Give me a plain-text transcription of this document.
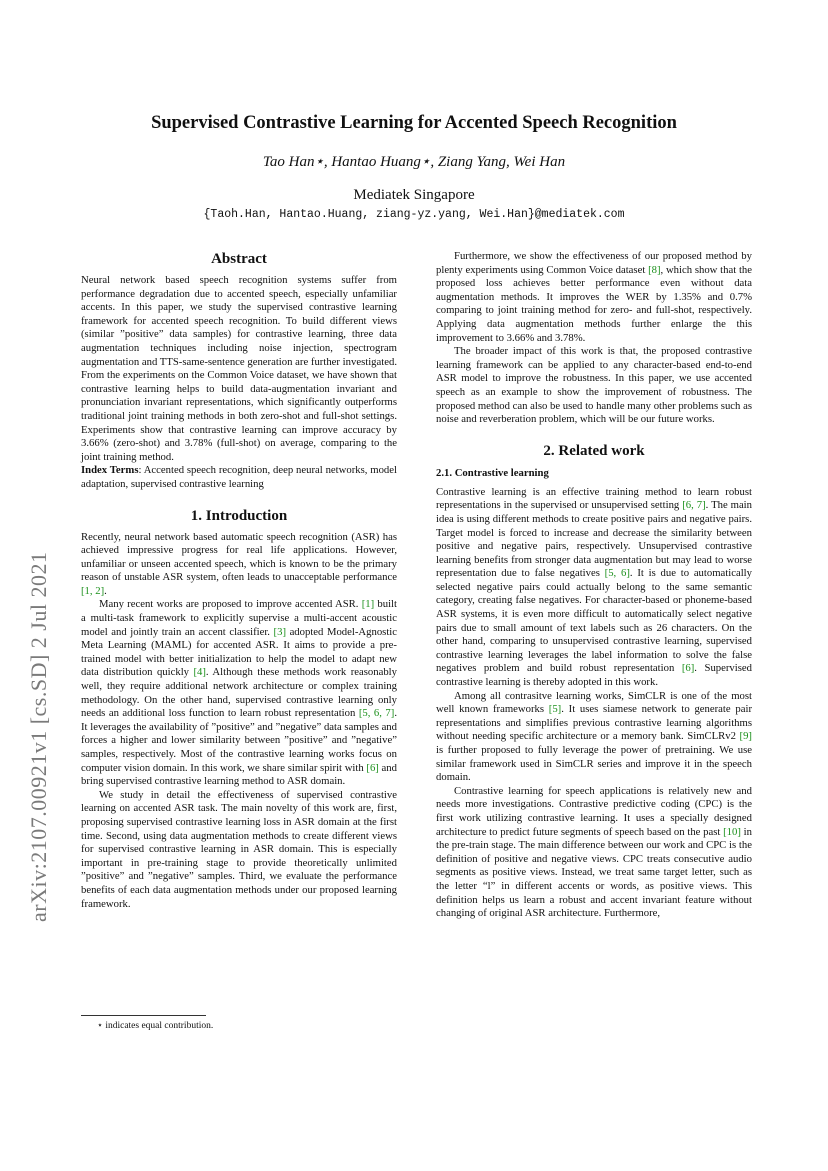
arXiv:2107.00921v1 [cs.SD] 2 Jul 2021
Supervised Contrastive Learning for Accented Speech Recognition
Tao Han⋆, Hantao Huang⋆, Ziang Yang, Wei Han
Mediatek Singapore
{Taoh.Han, Hantao.Huang, ziang-yz.yang, Wei.Han}@mediatek.com
Abstract

Neural network based speech recognition systems suffer from performance degradation due to accented speech, especially unfamiliar accents. In this paper, we study the supervised contrastive learning framework for accented speech recognition. To build different views (similar ”positive” data samples) for contrastive learning, three data augmentation techniques including noise injection, spectrogram augmentation and TTS-same-sentence generation are further investigated. From the experiments on the Common Voice dataset, we have shown that contrastive learning helps to build data-augmentation invariant and pronunciation invariant representations, which significantly outperforms traditional joint training methods in both zero-shot and full-shot settings. Experiments show that contrastive learning can improve accuracy by 3.66% (zero-shot) and 3.78% (full-shot) on average, comparing to the joint training method.

Index Terms: Accented speech recognition, deep neural networks, model adaptation, supervised contrastive learning

1. Introduction

Recently, neural network based automatic speech recognition (ASR) has achieved impressive progress for real life applications. However, unfamiliar or unseen accented speech, which is known to be the primary reason of unstable ASR system, often leads to unacceptable performance [1, 2].

Many recent works are proposed to improve accented ASR. [1] built a multi-task framework to explicitly supervise a multi-accent acoustic model and jointly train an accent classifier. [3] adopted Model-Agnostic Meta Learning (MAML) for accented ASR. It aims to provide a pre-trained model with better initialization to help the model to adapt new data distribution quickly [4]. Although these methods work reasonably well, they require additional network architecture or complex training methodology. On the other hand, supervised contrastive learning only needs an additional loss function to learn robust representation [5, 6, 7]. It leverages the availability of ”positive” and ”negative” data samples and forces a higher and lower similarity between ”positive” and ”negative” samples, respectively. Most of the contrastive learning works focus on computer vision domain. In this work, we share similar spirit with [6] and bring supervised contrastive learning method to ASR domain.

We study in detail the effectiveness of supervised contrastive learning on accented ASR task. The main novelty of this work are, first, proposing supervised contrastive learning loss in ASR domain at the first time. Second, using data augmentation methods to create different views for supervised contrastive learning in ASR domain. This is especially important in pre-training stage to provide theoretically unlimited ”positive” and ”negative” samples. Third, we evaluate the performance benefits of each data augmentation methods under our proposed learning framework.

⋆ indicates equal contribution.

Furthermore, we show the effectiveness of our proposed method by plenty experiments using Common Voice dataset [8], which show that the proposed loss achieves better performance even without data augmentation methods. It improves the WER by 1.35% and 0.7% comparing to joint training method for zero- and full-shot, respectively. Applying data augmentation methods further enlarge the this improvement to 3.66% and 3.78%.

The broader impact of this work is that, the proposed contrastive learning framework can be applied to any character-based end-to-end ASR model to improve the robustness. In this paper, we use accented speech as an example to show the improvement of robustness. The proposed method can also be used to handle many other problems such as noise and reverberation problem, which will be our future works.

2. Related work
2.1. Contrastive learning

Contrastive learning is an effective training method to learn robust representations in the supervised or unsupervised setting [6, 7]. The main idea is using different methods to create positive pairs and negative pairs. Target model is forced to increase and decrease the similarity between positive and negative pairs, respectively. Unsupervised contrastive learning benefits from stronger data augmentation but may lead to worse representation due to false negatives [5, 6]. It is due to automatically selected negative pairs could actually belong to the same semantic category, creating false negatives. For character-based or phoneme-based ASR systems, it is even more difficult to automatically select negative pairs due to small amount of text labels such as 26 characters. On the other hand, comparing to unsupervised contrastive learning, supervised contrastive learning leverages the label information to solve the false negatives problem and build robust representation [6]. Supervised contrastive learning is thereby adopted in this work.

Among all contrasitve learning works, SimCLR is one of the most well known frameworks [5]. It uses siamese network to generate pair representations and simplifies previous contrastive learning algorithms without needing specific architecture or a memory bank. SimCLRv2 [9] is further proposed to fully leverage the power of pretraining. We use similar framework used in SimCLR series and improve it in the speech domain.

Contrastive learning for speech applications is relatively new and needs more investigations. Contrastive predictive coding (CPC) is the first work utilizing contrastive learning. It uses a specially designed architecture to predict future segments of speech based on the past [10] in the pre-train stage. The main difference between our work and CPC is the definition of positive and negative views. CPC treats consecutive audio segments as positive views. Instead, we treat same target letter, such as the letter “l” in different accents or words, as positive views. This definition helps us learn a robust and accent invariant feature without changing of original ASR architecture. Furthermore,
